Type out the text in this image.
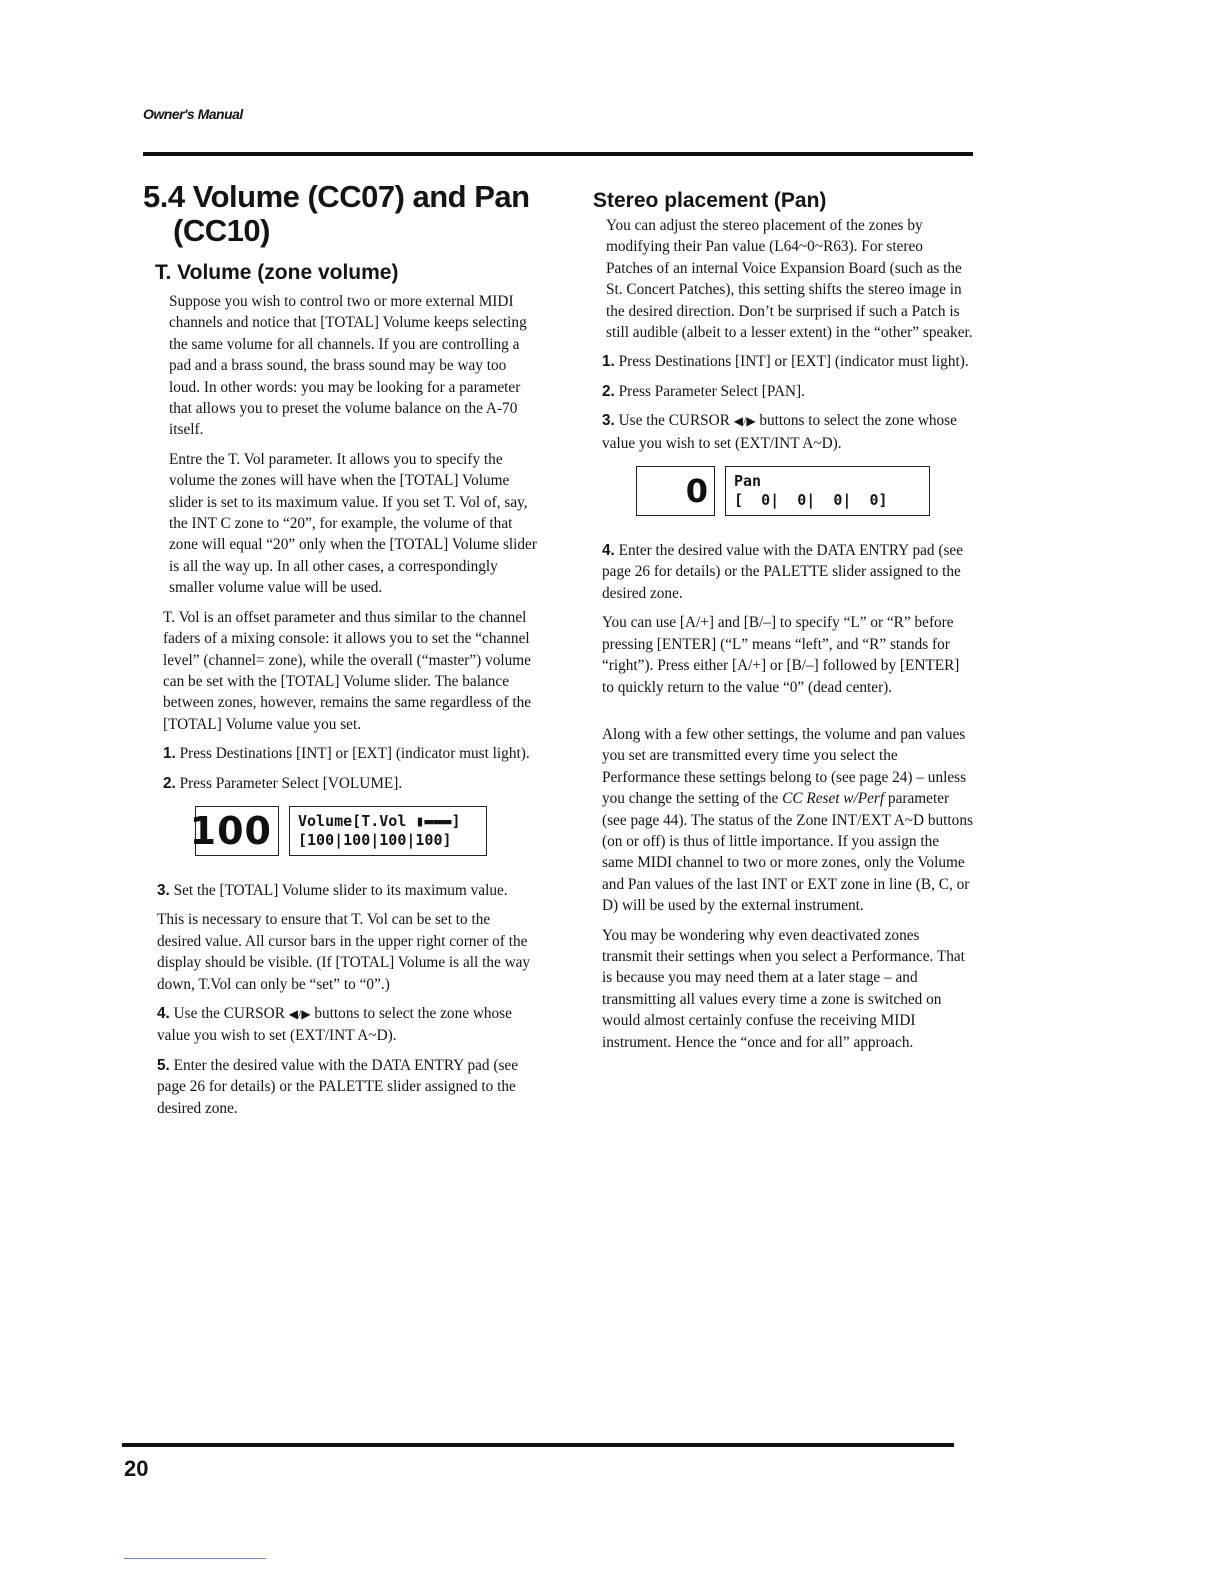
Owner's Manual
5.4 Volume (CC07) and Pan
(CC10)
T. Volume (zone volume)

Suppose you wish to control two or more external MIDI channels and notice that [TOTAL] Volume keeps selecting the same volume for all channels. If you are controlling a pad and a brass sound, the brass sound may be way too loud. In other words: you may be looking for a parameter that allows you to preset the volume balance on the A-70 itself.

Entre the T. Vol parameter. It allows you to specify the volume the zones will have when the [TOTAL] Volume slider is set to its maximum value. If you set T. Vol of, say, the INT C zone to “20”, for example, the volume of that zone will equal “20” only when the [TOTAL] Volume slider is all the way up. In all other cases, a correspondingly smaller volume value will be used.

T. Vol is an offset parameter and thus similar to the channel faders of a mixing console: it allows you to set the “channel level” (channel= zone), while the overall (“master”) volume can be set with the [TOTAL] Volume slider. The balance between zones, however, remains the same regardless of the [TOTAL] Volume value you set.

1. Press Destinations [INT] or [EXT] (indicator must light).

2. Press Parameter Select [VOLUME].

100	Volume[T.Vol ▮▬▬▬]
[100|100|100|100]

3. Set the [TOTAL] Volume slider to its maximum value.

This is necessary to ensure that T. Vol can be set to the desired value. All cursor bars in the upper right corner of the display should be visible. (If [TOTAL] Volume is all the way down, T.Vol can only be “set” to “0”.)

4. Use the CURSOR ◀/▶ buttons to select the zone whose value you wish to set (EXT/INT A~D).

5. Enter the desired value with the DATA ENTRY pad (see page 26 for details) or the PALETTE slider assigned to the desired zone.

Stereo placement (Pan)

You can adjust the stereo placement of the zones by modifying their Pan value (L64~0~R63). For stereo Patches of an internal Voice Expansion Board (such as the St. Concert Patches), this setting shifts the stereo image in the desired direction. Don’t be surprised if such a Patch is still audible (albeit to a lesser extent) in the “other” speaker.

1. Press Destinations [INT] or [EXT] (indicator must light).

2. Press Parameter Select [PAN].

3. Use the CURSOR ◀/▶ buttons to select the zone whose value you wish to set (EXT/INT A~D).

0	Pan
[  0|  0|  0|  0]

4. Enter the desired value with the DATA ENTRY pad (see page 26 for details) or the PALETTE slider assigned to the desired zone.

You can use [A/+] and [B/–] to specify “L” or “R” before pressing [ENTER] (“L” means “left”, and “R” stands for “right”). Press either [A/+] or [B/–] followed by [ENTER] to quickly return to the value “0” (dead center).

Along with a few other settings, the volume and pan values you set are transmitted every time you select the Performance these settings belong to (see page 24) – unless you change the setting of the CC Reset w/Perf parameter (see page 44). The status of the Zone INT/EXT A~D buttons (on or off) is thus of little importance. If you assign the same MIDI channel to two or more zones, only the Volume and Pan values of the last INT or EXT zone in line (B, C, or D) will be used by the external instrument.

You may be wondering why even deactivated zones transmit their settings when you select a Performance. That is because you may need them at a later stage – and transmitting all values every time a zone is switched on would almost certainly confuse the receiving MIDI instrument. Hence the “once and for all” approach.

20
